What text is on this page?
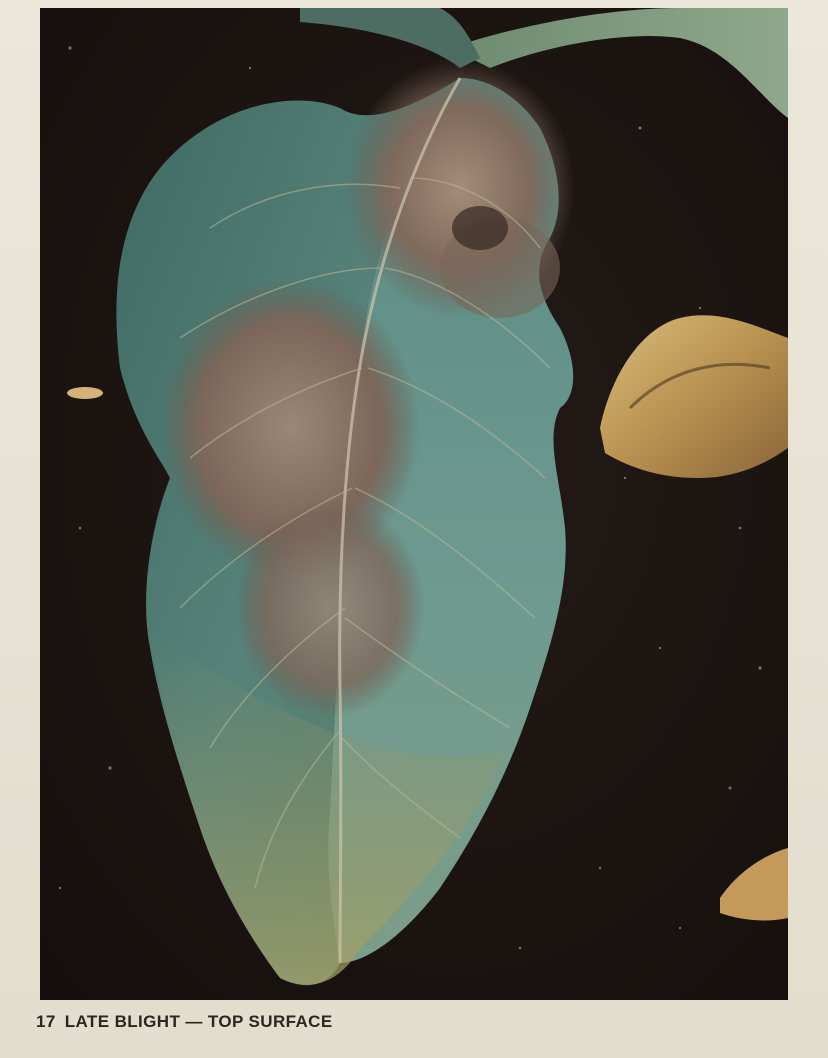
17 LATE BLIGHT — TOP SURFACE
